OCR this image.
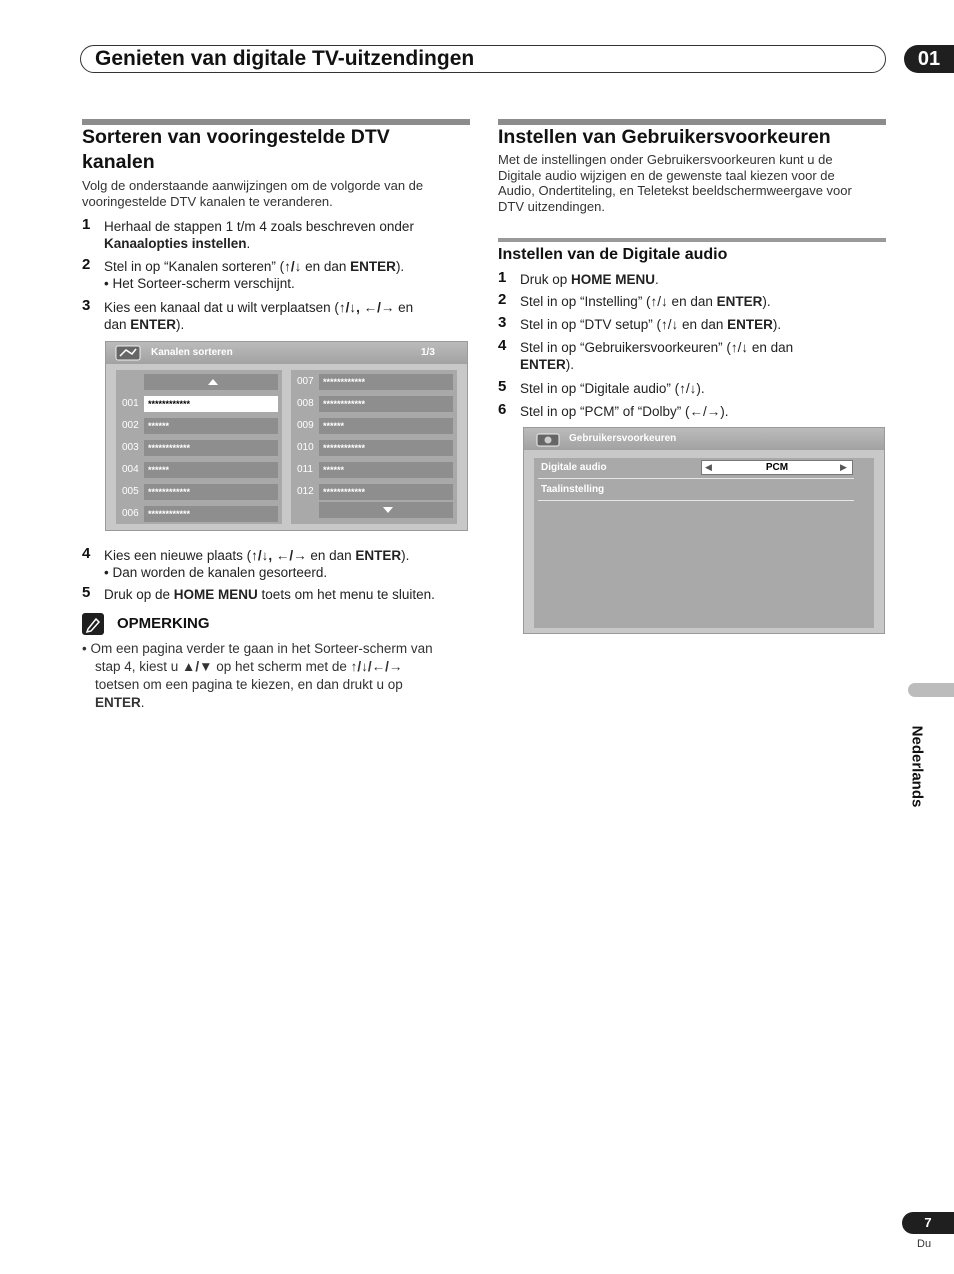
Genieten van digitale TV-uitzendingen	01
Sorteren van vooringestelde DTV
kanalen
Volg de onderstaande aanwijzingen om de volgorde van de
vooringestelde DTV kanalen te veranderen.
1 Herhaal de stappen 1 t/m 4 zoals beschreven onder
Kanaalopties instellen.
2 Stel in op “Kanalen sorteren” (↑/↓ en dan ENTER).
• Het Sorteer-scherm verschijnt.
3 Kies een kanaal dat u wilt verplaatsen (↑/↓, ←/→ en
dan ENTER).
Kanalen sorteren	1/3
001	************
002	******
003	************
004	******
005	************
006	************
007	************
008	************
009	******
010	************
011	******
012	************
4 Kies een nieuwe plaats (↑/↓, ←/→ en dan ENTER).
• Dan worden de kanalen gesorteerd.
5 Druk op de HOME MENU toets om het menu te sluiten.
OPMERKING
• Om een pagina verder te gaan in het Sorteer-scherm van
stap 4, kiest u ▲/▼ op het scherm met de ↑/↓/←/→
toetsen om een pagina te kiezen, en dan drukt u op
ENTER.
Instellen van Gebruikersvoorkeuren
Met de instellingen onder Gebruikersvoorkeuren kunt u de
Digitale audio wijzigen en de gewenste taal kiezen voor de
Audio, Ondertiteling, en Teletekst beeldschermweergave voor
DTV uitzendingen.
Instellen van de Digitale audio
1 Druk op HOME MENU.
2 Stel in op “Instelling” (↑/↓ en dan ENTER).
3 Stel in op “DTV setup” (↑/↓ en dan ENTER).
4 Stel in op “Gebruikersvoorkeuren” (↑/↓ en dan
ENTER).
5 Stel in op “Digitale audio” (↑/↓).
6 Stel in op “PCM” of “Dolby” (←/→).
Gebruikersvoorkeuren
Digitale audio	◀	PCM	▶
Taalinstelling
Nederlands
7
Du
